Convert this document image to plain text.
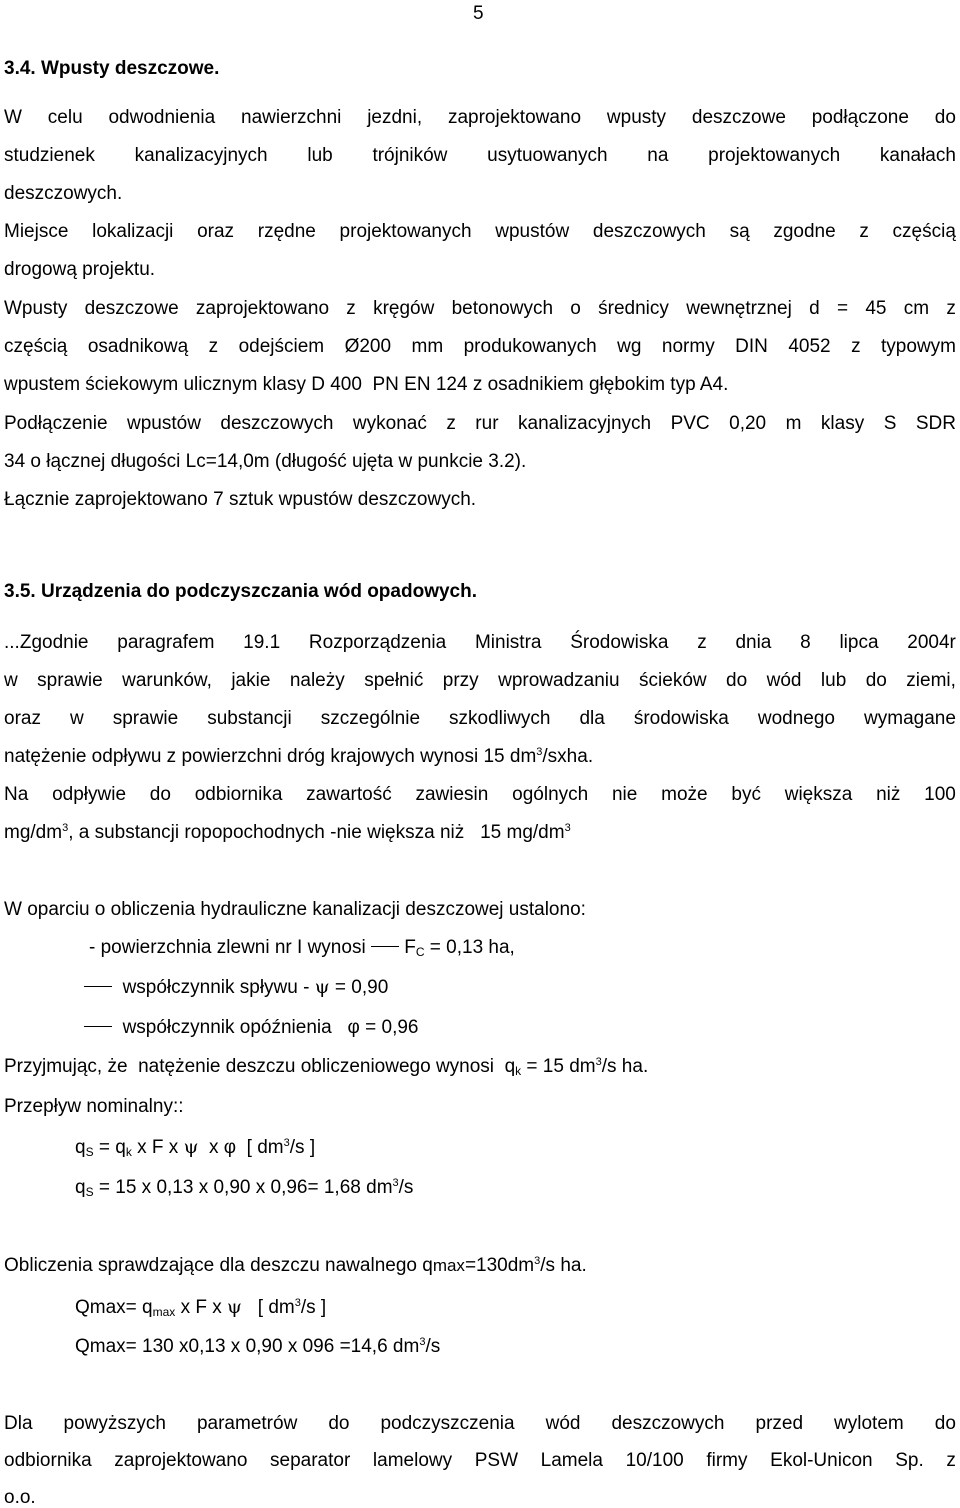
5
3.4. Wpusty deszczowe.
W celu odwodnienia nawierzchni jezdni, zaprojektowano wpusty deszczowe podłączone do
studzienek kanalizacyjnych lub trójników usytuowanych na projektowanych kanałach
deszczowych.
Miejsce lokalizacji oraz rzędne projektowanych wpustów deszczowych są zgodne z częścią
drogową projektu.
Wpusty deszczowe zaprojektowano z kręgów betonowych o średnicy wewnętrznej d = 45 cm z
częścią osadnikową z odejściem Ø200 mm produkowanych wg normy DIN 4052 z typowym
wpustem ściekowym ulicznym klasy D 400  PN EN 124 z osadnikiem głębokim typ A4.
Podłączenie wpustów deszczowych wykonać z rur kanalizacyjnych PVC 0,20 m klasy S SDR
34 o łącznej długości Lc=14,0m (długość ujęta w punkcie 3.2).
Łącznie zaprojektowano 7 sztuk wpustów deszczowych.
3.5. Urządzenia do podczyszczania wód opadowych.
...Zgodnie paragrafem 19.1 Rozporządzenia Ministra Środowiska z dnia 8 lipca 2004r
w sprawie warunków, jakie należy spełnić przy wprowadzaniu ścieków do wód lub do ziemi,
oraz w sprawie substancji szczególnie szkodliwych dla środowiska wodnego wymagane
natężenie odpływu z powierzchni dróg krajowych wynosi 15 $dm^3$/sxha.
Na odpływie do odbiornika zawartość zawiesin ogólnych nie może być większa niż 100
$mg/dm^3$, a substancji ropopochodnych -nie większa niż   15 $mg/dm^3$
W oparciu o obliczenia hydrauliczne kanalizacji deszczowej ustalono:
- powierzchnia zlewni nr I wynosi $F_C = 0,13$ ha,
współczynnik spływu - ψ = 0,90
współczynnik opóźnienia φ = 0,96
Przyjmując, że  natężenie deszczu obliczeniowego wynosi  $q_k = 15$ $dm^3/s$ ha.
Przepływ nominalny::
$q_S = q_k$ x F x ψ  x φ  [ $dm^3/s$ ]
$q_S = 15$ x 0,13 x 0,90 x 0,96= 1,68 $dm^3/s$
Obliczenia sprawdzające dla deszczu nawalnego $qmax=130dm^3/s$ ha.
$Qmax= q_{max}$ x F x ψ   [ $dm^3/s$ ]
Qmax= 130 x0,13 x 0,90 x 096 =14,6 $dm^3/s$
Dla powyższych parametrów do podczyszczenia wód deszczowych przed wylotem do
odbiornika zaprojektowano separator lamelowy PSW Lamela 10/100 firmy Ekol-Unicon Sp. z
o.o.
